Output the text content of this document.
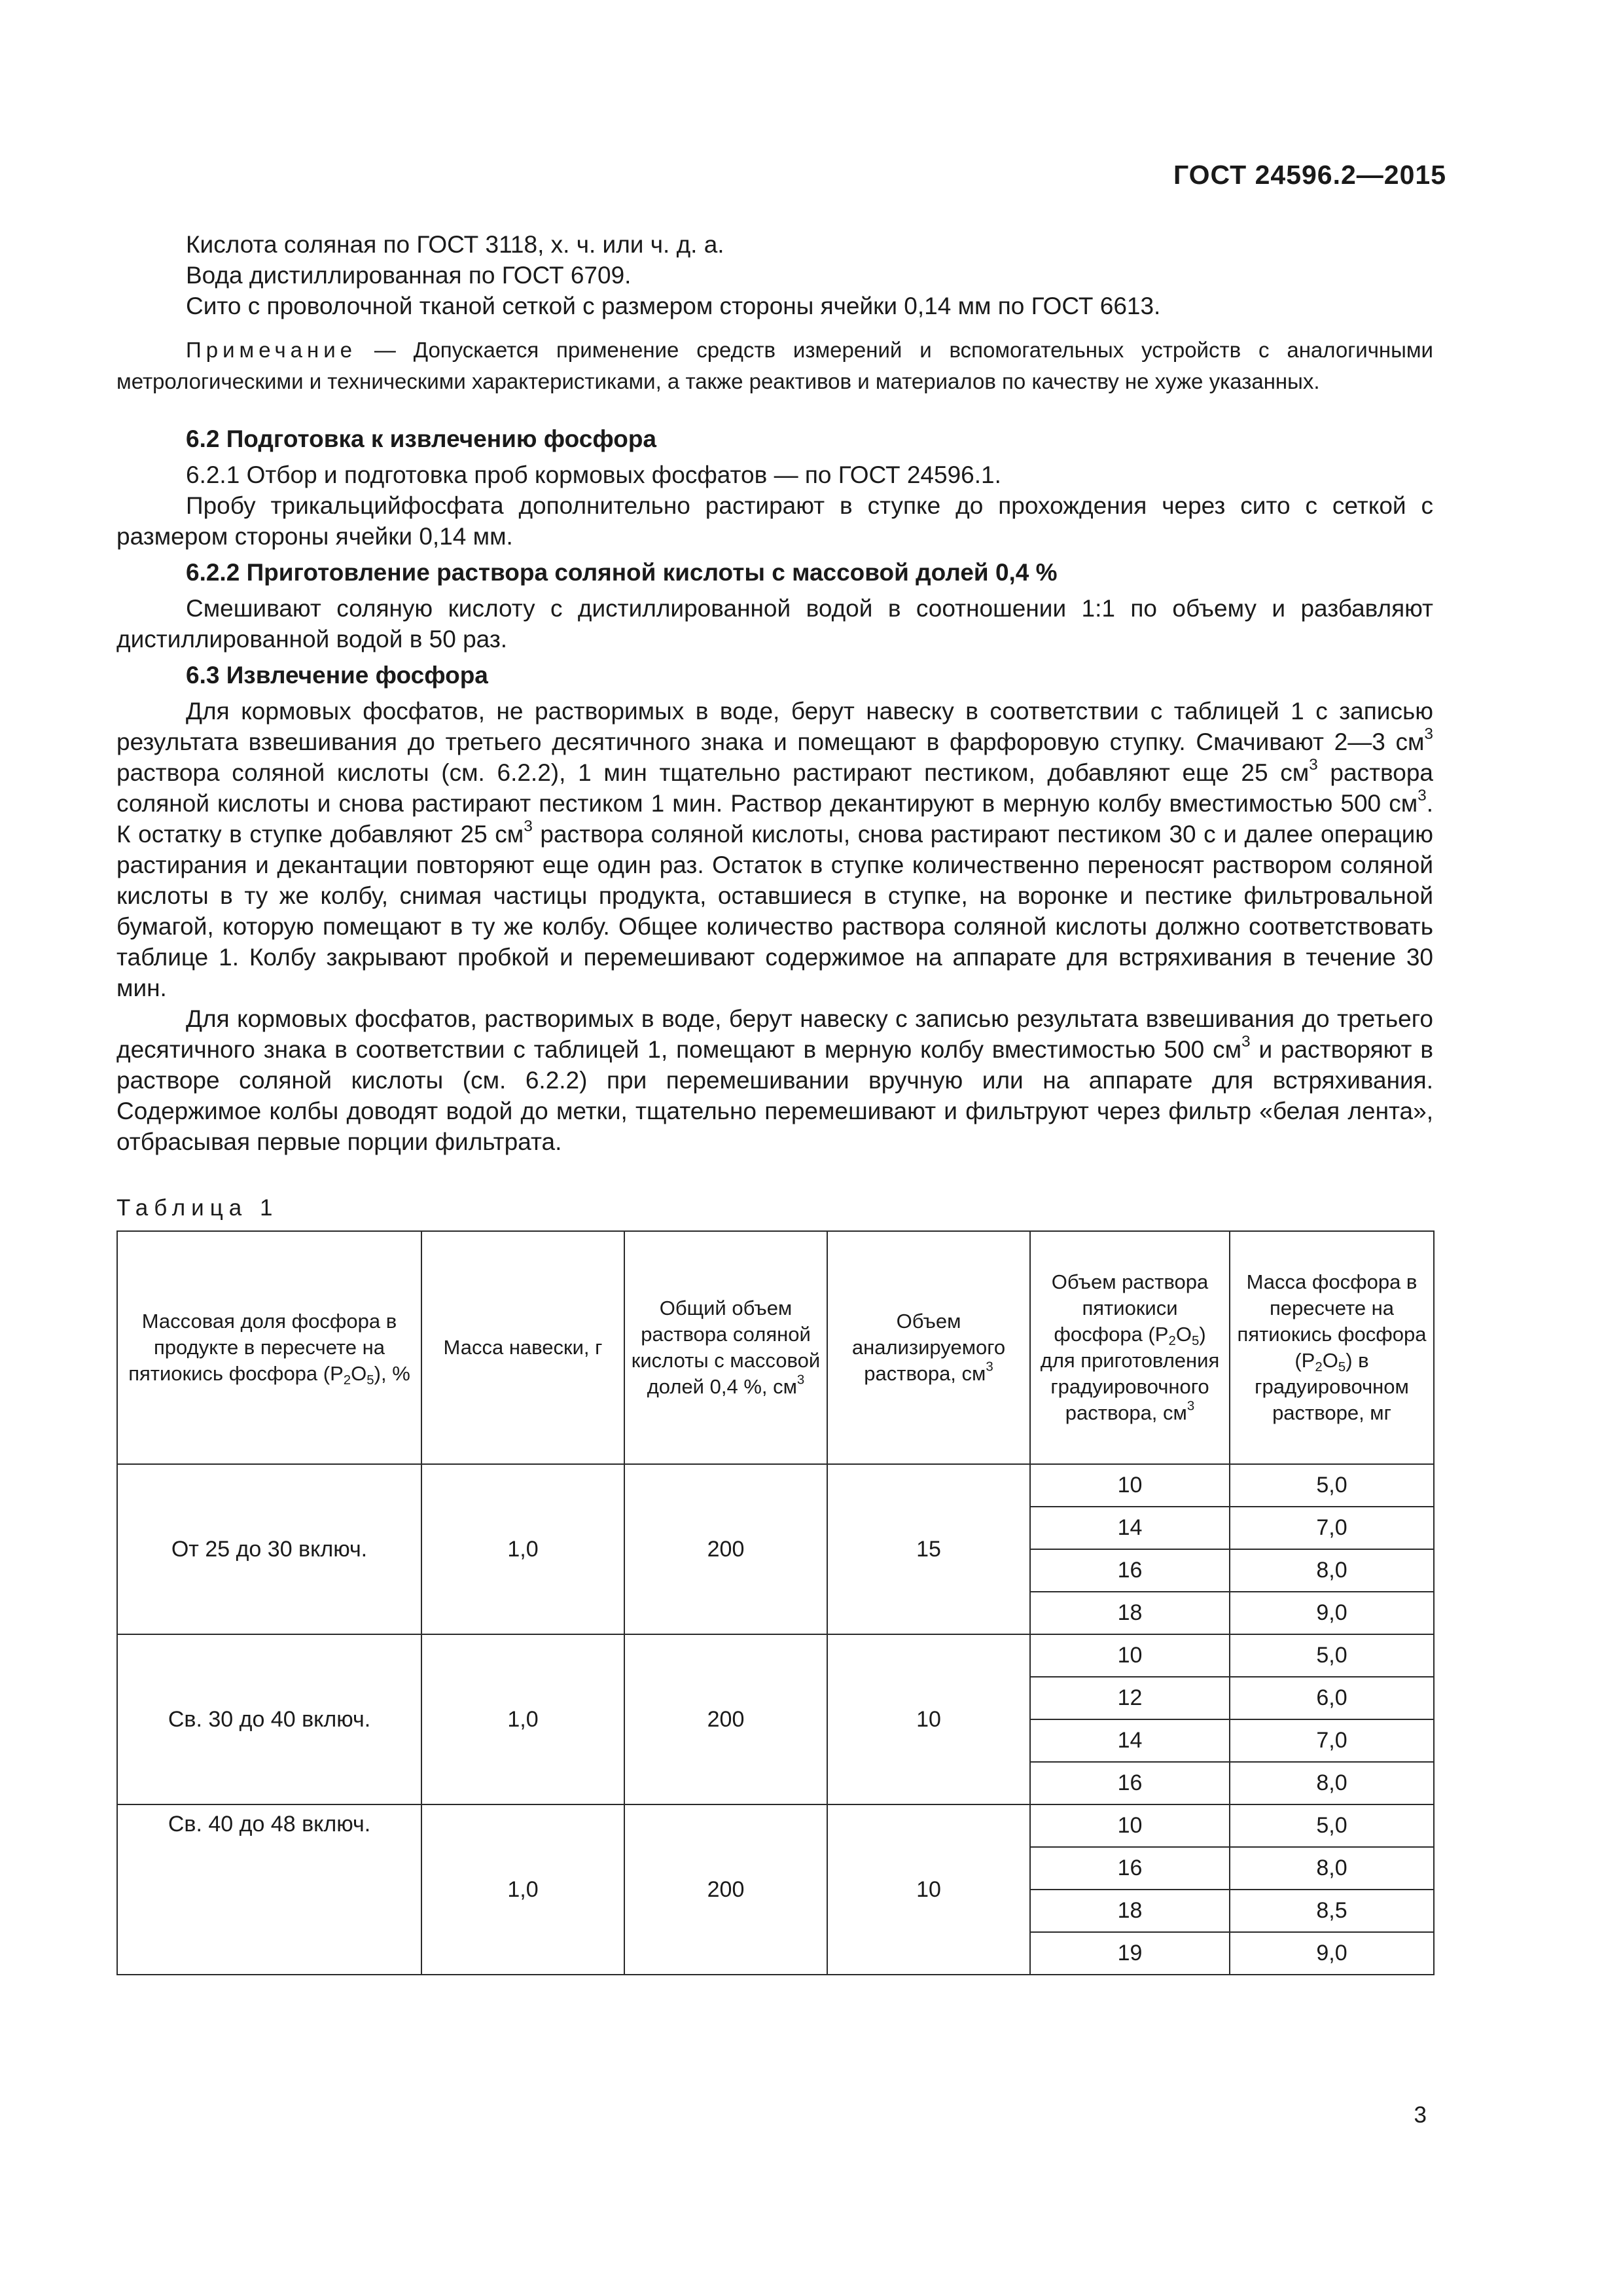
ГОСТ 24596.2—2015

Кислота соляная по ГОСТ 3118, х. ч. или ч. д. а.

Вода дистиллированная по ГОСТ 6709.

Сито с проволочной тканой сеткой с размером стороны ячейки 0,14 мм по ГОСТ 6613.

Примечание — Допускается применение средств измерений и вспомогательных устройств с аналогичными метрологическими и техническими характеристиками, а также реактивов и материалов по качеству не хуже указанных.

6.2 Подготовка к извлечению фосфора

6.2.1 Отбор и подготовка проб кормовых фосфатов — по ГОСТ 24596.1.

Пробу трикальцийфосфата дополнительно растирают в ступке до прохождения через сито с сеткой с размером стороны ячейки 0,14 мм.

6.2.2 Приготовление раствора соляной кислоты с массовой долей 0,4 %

Смешивают соляную кислоту с дистиллированной водой в соотношении 1:1 по объему и разбавляют дистиллированной водой в 50 раз.

6.3 Извлечение фосфора

Для кормовых фосфатов, не растворимых в воде, берут навеску в соответствии с таблицей 1 с записью результата взвешивания до третьего десятичного знака и помещают в фарфоровую ступку. Смачивают 2—3 $см^3$ раствора соляной кислоты (см. 6.2.2), 1 мин тщательно растирают пестиком, добавляют еще 25 $см^3$ раствора соляной кислоты и снова растирают пестиком 1 мин. Раствор декантируют в мерную колбу вместимостью 500 $см^3$. К остатку в ступке добавляют 25 $см^3$ раствора соляной кислоты, снова растирают пестиком 30 с и далее операцию растирания и декантации повторяют еще один раз. Остаток в ступке количественно переносят раствором соляной кислоты в ту же колбу, снимая частицы продукта, оставшиеся в ступке, на воронке и пестике фильтровальной бумагой, которую помещают в ту же колбу. Общее количество раствора соляной кислоты должно соответствовать таблице 1. Колбу закрывают пробкой и перемешивают содержимое на аппарате для встряхивания в течение 30 мин.

Для кормовых фосфатов, растворимых в воде, берут навеску с записью результата взвешивания до третьего десятичного знака в соответствии с таблицей 1, помещают в мерную колбу вместимостью 500 $см^3$ и растворяют в растворе соляной кислоты (см. 6.2.2) при перемешивании вручную или на аппарате для встряхивания. Содержимое колбы доводят водой до метки, тщательно перемешивают и фильтруют через фильтр «белая лента», отбрасывая первые порции фильтрата.

Таблица 1
Массовая доля фосфора в продукте в пересчете на пятиокись фосфора $(P_2O_5)$, %	Масса навески, г	Общий объем раствора соляной кислоты с массовой долей 0,4 %, $см^3$	Объем анализируемого раствора, $см^3$	Объем раствора пятиокиси фосфора $(P_2O_5)$ для приготовления градуировочного раствора, $см^3$	Масса фосфора в пересчете на пятиокись фосфора $(P_2O_5)$ в градуировочном растворе, мг
От 25 до 30 включ.	1,0	200	15	10	5,0
				14	7,0
				16	8,0
				18	9,0
Св. 30 до 40 включ.	1,0	200	10	10	5,0
				12	6,0
				14	7,0
				16	8,0
Св. 40 до 48 включ.	1,0	200	10	10	5,0
				16	8,0
				18	8,5
				19	9,0
3
